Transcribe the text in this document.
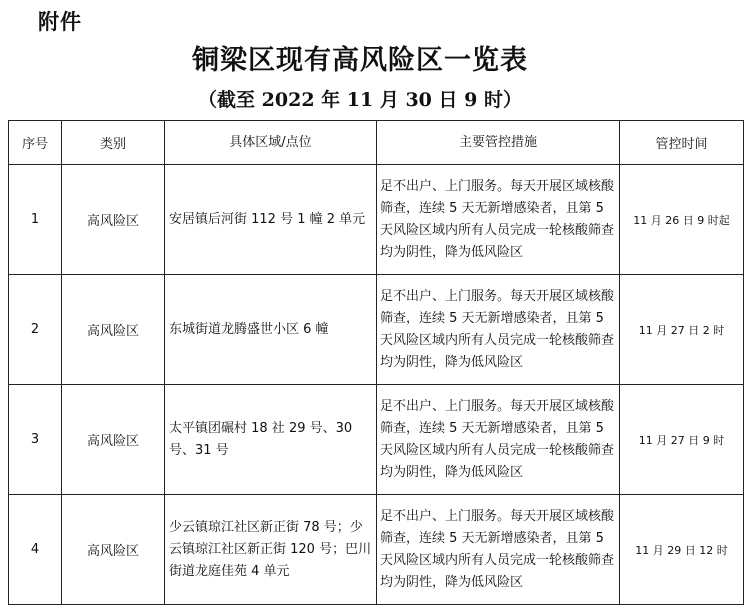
附件
铜梁区现有高风险区一览表
（截至 2022 年 11 月 30 日 9 时）
序号	类别	具体区域/点位	主要管控措施	管控时间
1	高风险区	安居镇后河街 112 号 1 幢 2 单元	足不出户、上门服务。每天开展区域核酸筛查，连续 5 天无新增感染者，且第 5 天风险区域内所有人员完成一轮核酸筛查均为阴性，降为低风险区	11 月 26 日 9 时起
2	高风险区	东城街道龙腾盛世小区 6 幢	足不出户、上门服务。每天开展区域核酸筛查，连续 5 天无新增感染者，且第 5 天风险区域内所有人员完成一轮核酸筛查均为阴性，降为低风险区	11 月 27 日 2 时
3	高风险区	太平镇团碾村 18 社 29 号、30 号、31 号	足不出户、上门服务。每天开展区域核酸筛查，连续 5 天无新增感染者，且第 5 天风险区域内所有人员完成一轮核酸筛查均为阴性，降为低风险区	11 月 27 日 9 时
4	高风险区	少云镇琼江社区新正街 78 号；少云镇琼江社区新正街 120 号；巴川街道龙庭佳苑 4 单元	足不出户、上门服务。每天开展区域核酸筛查，连续 5 天无新增感染者，且第 5 天风险区域内所有人员完成一轮核酸筛查均为阴性，降为低风险区	11 月 29 日 12 时
